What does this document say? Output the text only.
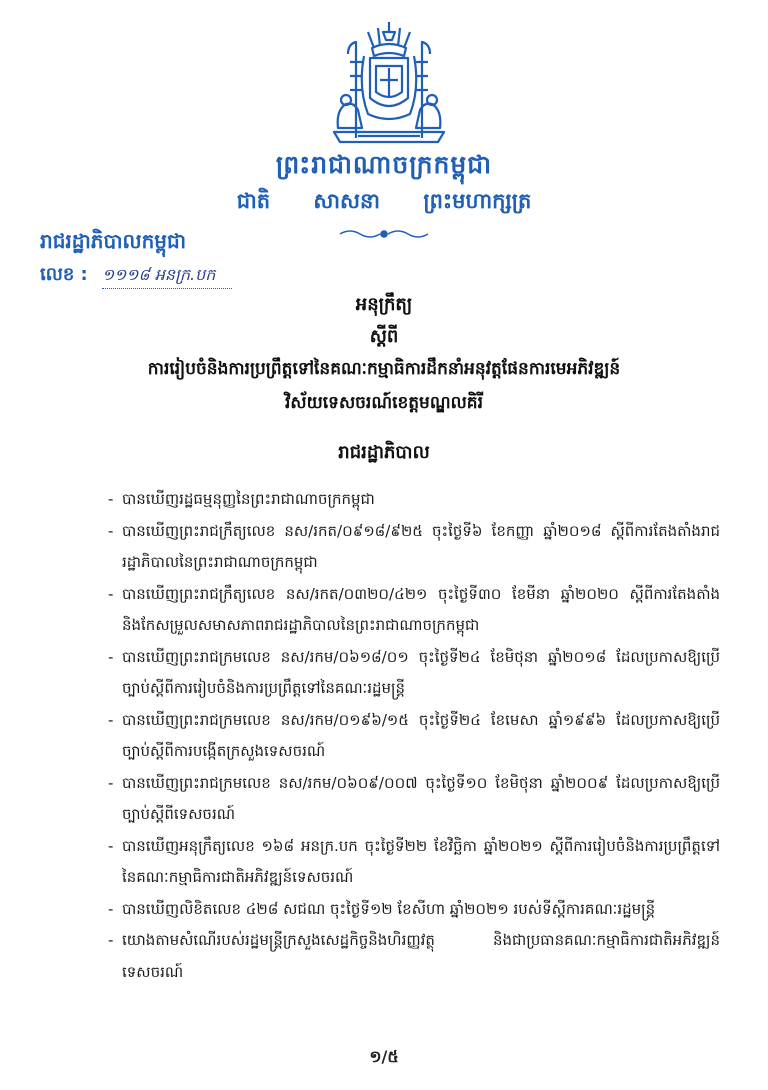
ព្រះរាជាណាចក្រកម្ពុជា
ជាតិ សាសនា ព្រះមហាក្សត្រ
រាជរដ្ឋាភិបាលកម្ពុជា
លេខ : ១១១៨ អនក្រ.បក
អនុក្រឹត្យ
ស្តីពី
ការរៀបចំនិងការប្រព្រឹត្តទៅនៃគណៈកម្មាធិការដឹកនាំអនុវត្តផែនការមេអភិវឌ្ឍន៍
វិស័យទេសចរណ៍ខេត្តមណ្ឌលគិរី
រាជរដ្ឋាភិបាល
- បានឃើញរដ្ឋធម្មនុញ្ញនៃព្រះរាជាណាចក្រកម្ពុជា
- បានឃើញព្រះរាជក្រឹត្យលេខ នស/រកត/០៩១៨/៩២៥ ចុះថ្ងៃទី៦ ខែកញ្ញា ឆ្នាំ២០១៨ ស្តីពីការតែងតាំងរាជរដ្ឋាភិបាលនៃព្រះរាជាណាចក្រកម្ពុជា
- បានឃើញព្រះរាជក្រឹត្យលេខ នស/រកត/០៣២០/៤២១ ចុះថ្ងៃទី៣០ ខែមីនា ឆ្នាំ២០២០ ស្តីពីការតែងតាំងនិងកែសម្រួលសមាសភាពរាជរដ្ឋាភិបាលនៃព្រះរាជាណាចក្រកម្ពុជា
- បានឃើញព្រះរាជក្រមលេខ នស/រកម/០៦១៨/០១ ចុះថ្ងៃទី២៤ ខែមិថុនា ឆ្នាំ២០១៨ ដែលប្រកាសឱ្យប្រើច្បាប់ស្តីពីការរៀបចំនិងការប្រព្រឹត្តទៅនៃគណៈរដ្ឋមន្ត្រី
- បានឃើញព្រះរាជក្រមលេខ នស/រកម/០១៩៦/១៥ ចុះថ្ងៃទី២៤ ខែមេសា ឆ្នាំ១៩៩៦ ដែលប្រកាសឱ្យប្រើច្បាប់ស្តីពីការបង្កើតក្រសួងទេសចរណ៍
- បានឃើញព្រះរាជក្រមលេខ នស/រកម/០៦០៩/០០៧ ចុះថ្ងៃទី១០ ខែមិថុនា ឆ្នាំ២០០៩ ដែលប្រកាសឱ្យប្រើច្បាប់ស្តីពីទេសចរណ៍
- បានឃើញអនុក្រឹត្យលេខ ១៦៨ អនក្រ.បក ចុះថ្ងៃទី២២ ខែវិច្ឆិកា ឆ្នាំ២០២១ ស្តីពីការរៀបចំនិងការប្រព្រឹត្តទៅនៃគណៈកម្មាធិការជាតិអភិវឌ្ឍន៍ទេសចរណ៍
- បានឃើញលិខិតលេខ ៤២៨ សជណ ចុះថ្ងៃទី១២ ខែសីហា ឆ្នាំ២០២១ របស់ទីស្តីការគណៈរដ្ឋមន្ត្រី
- យោងតាមសំណើរបស់រដ្ឋមន្ត្រីក្រសួងសេដ្ឋកិច្ចនិងហិរញ្ញវត្ថុ និងជាប្រធានគណៈកម្មាធិការជាតិអភិវឌ្ឍន៍ទេសចរណ៍
១/៥
